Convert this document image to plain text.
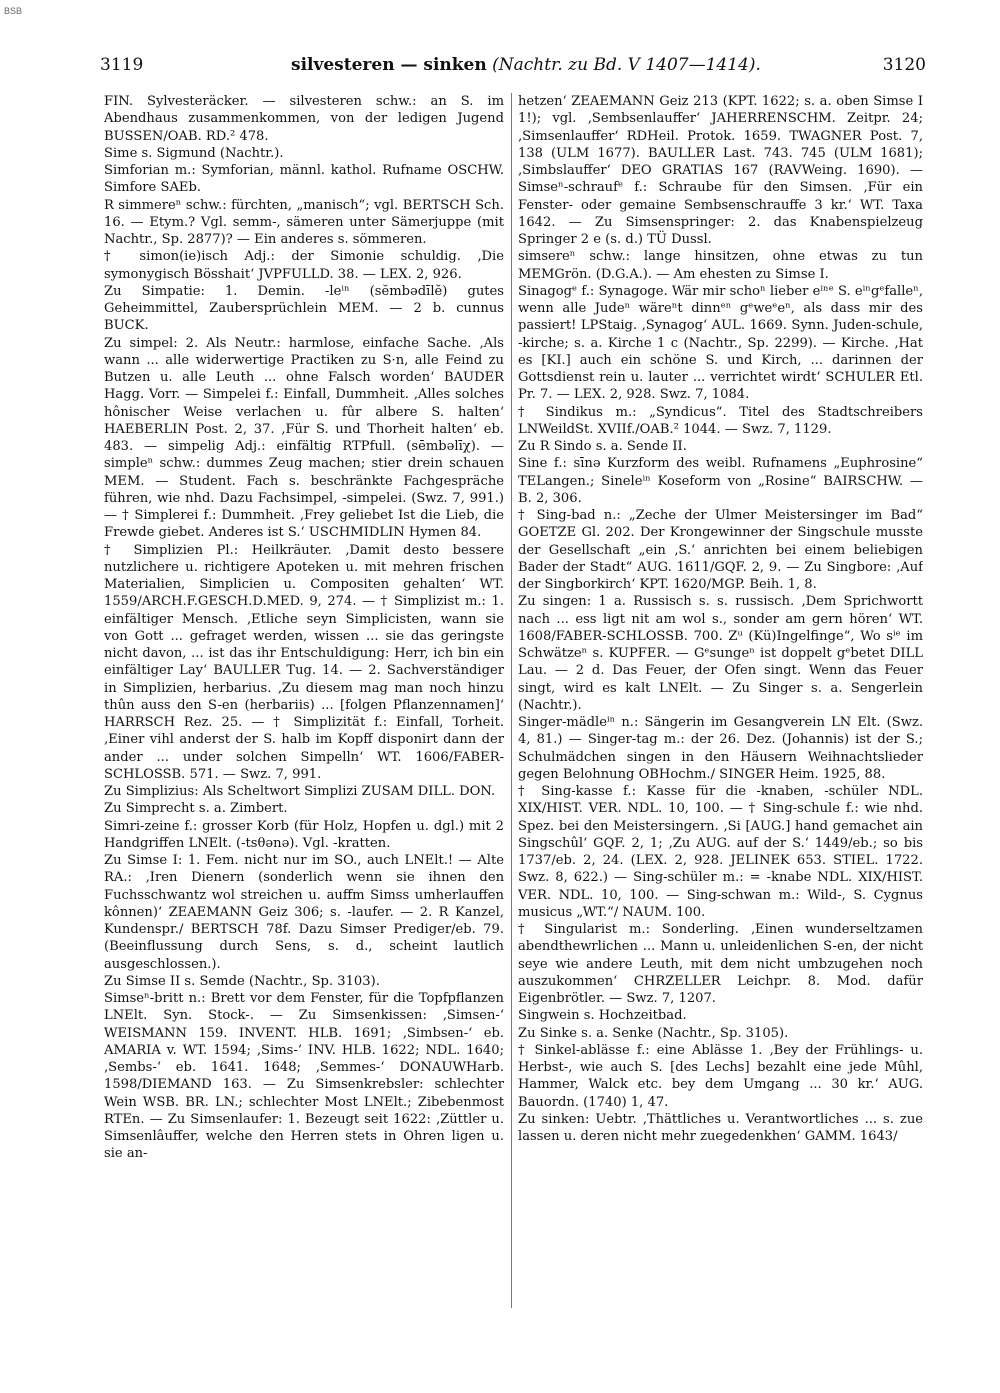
BSB
3119	silvesteren — sinken (Nachtr. zu Bd. V 1407—1414).	3120

FIN. Sylvesteräcker. — silvesteren schw.: an S. im Abendhaus zusammenkommen, von der ledigen Jugend BUSSEN/OAB. RD.² 478.

Sime s. Sigmund (Nachtr.).

Simforian m.: Symforian, männl. kathol. Rufname OSCHW. Simfore SAEb.

R simmereⁿ schw.: fürchten, „manisch“; vgl. BERTSCH Sch. 16. — Etym.? Vgl. semm-, sämeren unter Sämerjuppe (mit Nachtr., Sp. 2877)? — Ein anderes s. sömmeren.

† simon(ie)isch Adj.: der Simonie schuldig. ‚Die symonygisch Bösshait‘ JVPFULLD. 38. — LEX. 2, 926.

Zu Simpatie: 1. Demin. -leⁱⁿ (sĕmbədīlĕ) gutes Geheimmittel, Zaubersprüchlein MEM. — 2 b. cunnus BUCK.

Zu simpel: 2. Als Neutr.: harmlose, einfache Sache. ‚Als wann ... alle widerwertige Practiken zu S·n, alle Feind zu Butzen u. alle Leuth ... ohne Falsch worden‘ BAUDER Hagg. Vorr. — Simpelei f.: Einfall, Dummheit. ‚Alles solches hônischer Weise verlachen u. fûr albere S. halten‘ HAEBERLIN Post. 2, 37. ‚Für S. und Thorheit halten‘ eb. 483. — simpelig Adj.: einfältig RTPfull. (sēmbəlīχ). — simpleⁿ schw.: dummes Zeug machen; stier drein schauen MEM. — Student. Fach s. beschränkte Fachgespräche führen, wie nhd. Dazu Fachsimpel, -simpelei. (Swz. 7, 991.) — † Simplerei f.: Dummheit. ‚Frey geliebet Ist die Lieb, die Frewde giebet. Anderes ist S.‘ USCHMIDLIN Hymen 84.

† Simplizien Pl.: Heilkräuter. ‚Damit desto bessere nutzlichere u. richtigere Apoteken u. mit mehren frischen Materialien, Simplicien u. Compositen gehalten‘ WT. 1559/ARCH.F.GESCH.D.MED. 9, 274. — † Simplizist m.: 1. einfältiger Mensch. ‚Etliche seyn Simplicisten, wann sie von Gott ... gefraget werden, wissen ... sie das geringste nicht davon, ... ist das ihr Entschuldigung: Herr, ich bin ein einfältiger Lay‘ BAULLER Tug. 14. — 2. Sachverständiger in Simplizien, herbarius. ‚Zu diesem mag man noch hinzu thûn auss den S-en (herbariis) ... [folgen Pflanzennamen]‘ HARRSCH Rez. 25. — † Simplizität f.: Einfall, Torheit. ‚Einer vihl anderst der S. halb im Kopff disponirt dann der ander ... under solchen Simpelln‘ WT. 1606/FABER-SCHLOSSB. 571. — Swz. 7, 991.

Zu Simplizius: Als Scheltwort Simplizi ZUSAM DILL. DON.

Zu Simprecht s. a. Zimbert.

Simri-zeine f.: grosser Korb (für Holz, Hopfen u. dgl.) mit 2 Handgriffen LNElt. (-tsθənə). Vgl. -kratten.

Zu Simse I: 1. Fem. nicht nur im SO., auch LNElt.! — Alte RA.: ‚Iren Dienern (sonderlich wenn sie ihnen den Fuchsschwantz wol streichen u. auffm Simss umherlauffen kônnen)‘ ZEAEMANN Geiz 306; s. -laufer. — 2. R Kanzel, Kundenspr./ BERTSCH 78f. Dazu Simser Prediger/eb. 79. (Beeinflussung durch Sens, s. d., scheint lautlich ausgeschlossen.).

Zu Simse II s. Semde (Nachtr., Sp. 3103).

Simseⁿ-britt n.: Brett vor dem Fenster, für die Topfpflanzen LNElt. Syn. Stock-. — Zu Simsenkissen: ‚Simsen-‘ WEISMANN 159. INVENT. HLB. 1691; ‚Simbsen-‘ eb. AMARIA v. WT. 1594; ‚Sims-‘ INV. HLB. 1622; NDL. 1640; ‚Sembs-‘ eb. 1641. 1648; ‚Semmes-‘ DONAUWHarb. 1598/DIEMAND 163. — Zu Simsenkrebsler: schlechter Wein WSB. BR. LN.; schlechter Most LNElt.; Zibebenmost RTEn. — Zu Simsenlaufer: 1. Bezeugt seit 1622: ‚Züttler u. Simsenlâuffer, welche den Herren stets in Ohren ligen u. sie an-

hetzen‘ ZEAEMANN Geiz 213 (KPT. 1622; s. a. oben Simse I 1!); vgl. ‚Sembsenlauffer‘ JAHERRENSCHM. Zeitpr. 24; ‚Simsenlauffer‘ RDHeil. Protok. 1659. TWAGNER Post. 7, 138 (ULM 1677). BAULLER Last. 743. 745 (ULM 1681); ‚Simbslauffer‘ DEO GRATIAS 167 (RAVWeing. 1690). — Simseⁿ-schraufᵉ f.: Schraube für den Simsen. ‚Für ein Fenster- oder gemaine Sembsenschrauffe 3 kr.‘ WT. Taxa 1642. — Zu Simsenspringer: 2. das Knabenspielzeug Springer 2 e (s. d.) TÜ Dussl.

simsereⁿ schw.: lange hinsitzen, ohne etwas zu tun MEMGrön. (D.G.A.). — Am ehesten zu Simse I.

Sinagogᵉ f.: Synagoge. Wär mir schoⁿ lieber eⁱⁿᵉ S. eⁱⁿgᵉfalleⁿ, wenn alle Judeⁿ wäreⁿt dinnᵉⁿ gᵉweᵉeⁿ, als dass mir des passiert! LPStaig. ‚Synagog‘ AUL. 1669. Synn. Juden-schule, -kirche; s. a. Kirche 1 c (Nachtr., Sp. 2299). — Kirche. ‚Hat es [KI.] auch ein schöne S. und Kirch, ... darinnen der Gottsdienst rein u. lauter ... verrichtet wirdt‘ SCHULER Etl. Pr. 7. — LEX. 2, 928. Swz. 7, 1084.

† Sindikus m.: „Syndicus“. Titel des Stadtschreibers LNWeildSt. XVIIf./OAB.² 1044. — Swz. 7, 1129.

Zu R Sindo s. a. Sende II.

Sine f.: sīnə Kurzform des weibl. Rufnamens „Euphrosine“ TELangen.; Sineleⁱⁿ Koseform von „Rosine“ BAIRSCHW. — B. 2, 306.

† Sing-bad n.: „Zeche der Ulmer Meistersinger im Bad“ GOETZE Gl. 202. Der Krongewinner der Singschule musste der Gesellschaft „ein ‚S.‘ anrichten bei einem beliebigen Bader der Stadt“ AUG. 1611/GQF. 2, 9. — Zu Singbore: ‚Auf der Singborkirch‘ KPT. 1620/MGP. Beih. 1, 8.

Zu singen: 1 a. Russisch s. s. russisch. ‚Dem Sprichwortt nach ... ess ligt nit am wol s., sonder am gern hören‘ WT. 1608/FABER-SCHLOSSB. 700. Zᵘ (Kü)Ingelfinge“, Wo sⁱᵉ im Schwätzeⁿ s. KUPFER. — Gᵉsungeⁿ ist doppelt gᵉbetet DILL Lau. — 2 d. Das Feuer, der Ofen singt. Wenn das Feuer singt, wird es kalt LNElt. — Zu Singer s. a. Sengerlein (Nachtr.).

Singer-mädleⁱⁿ n.: Sängerin im Gesangverein LN Elt. (Swz. 4, 81.) — Singer-tag m.: der 26. Dez. (Johannis) ist der S.; Schulmädchen singen in den Häusern Weihnachtslieder gegen Belohnung OBHochm./ SINGER Heim. 1925, 88.

† Sing-kasse f.: Kasse für die -knaben, -schüler NDL. XIX/HIST. VER. NDL. 10, 100. — † Sing-schule f.: wie nhd. Spez. bei den Meistersingern. ‚Si [AUG.] hand gemachet ain Singschûl‘ GQF. 2, 1; ‚Zu AUG. auf der S.‘ 1449/eb.; so bis 1737/eb. 2, 24. (LEX. 2, 928. JELINEK 653. STIEL. 1722. Swz. 8, 622.) — Sing-schüler m.: = -knabe NDL. XIX/HIST. VER. NDL. 10, 100. — Sing-schwan m.: Wild-, S. Cygnus musicus „WT.“/ NAUM. 100.

† Singularist m.: Sonderling. ‚Einen wunderseltzamen abendthewrlichen ... Mann u. unleidenlichen S-en, der nicht seye wie andere Leuth, mit dem nicht umbzugehen noch auszukommen‘ CHRZELLER Leichpr. 8. Mod. dafür Eigenbrötler. — Swz. 7, 1207.

Singwein s. Hochzeitbad.

Zu Sinke s. a. Senke (Nachtr., Sp. 3105).

† Sinkel-ablässe f.: eine Ablässe 1. ‚Bey der Frühlings- u. Herbst-, wie auch S. [des Lechs] bezahlt eine jede Mûhl, Hammer, Walck etc. bey dem Umgang ... 30 kr.‘ AUG. Bauordn. (1740) 1, 47.

Zu sinken: Uebtr. ‚Thättliches u. Verantwortliches ... s. zue lassen u. deren nicht mehr zuegedenkhen‘ GAMM. 1643/
